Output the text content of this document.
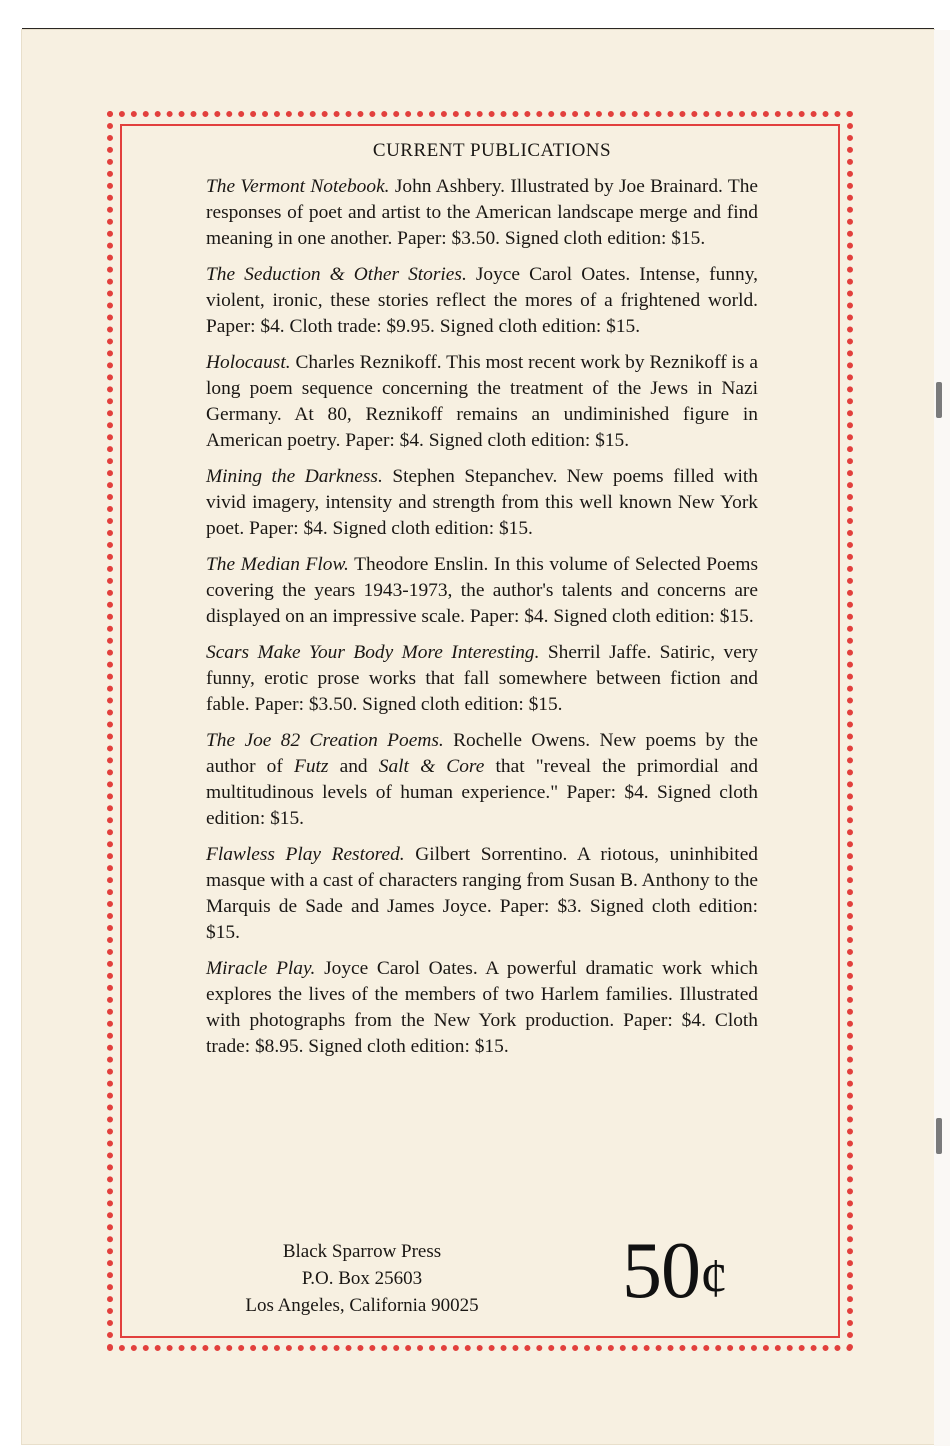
CURRENT PUBLICATIONS

The Vermont Notebook. John Ashbery. Illustrated by Joe Brainard. The responses of poet and artist to the American landscape merge and find meaning in one another. Paper: $3.50. Signed cloth edition: $15.

The Seduction & Other Stories. Joyce Carol Oates. Intense, funny, violent, ironic, these stories reflect the mores of a frightened world. Paper: $4. Cloth trade: $9.95. Signed cloth edition: $15.

Holocaust. Charles Reznikoff. This most recent work by Reznikoff is a long poem sequence concerning the treatment of the Jews in Nazi Germany. At 80, Reznikoff remains an undiminished figure in American poetry. Paper: $4. Signed cloth edition: $15.

Mining the Darkness. Stephen Stepanchev. New poems filled with vivid imagery, intensity and strength from this well known New York poet. Paper: $4. Signed cloth edition: $15.

The Median Flow. Theodore Enslin. In this volume of Selected Poems covering the years 1943-1973, the author's talents and concerns are displayed on an impressive scale. Paper: $4. Signed cloth edition: $15.

Scars Make Your Body More Interesting. Sherril Jaffe. Satiric, very funny, erotic prose works that fall somewhere between fiction and fable. Paper: $3.50. Signed cloth edition: $15.

The Joe 82 Creation Poems. Rochelle Owens. New poems by the author of Futz and Salt & Core that "reveal the primordial and multitudinous levels of human experience." Paper: $4. Signed cloth edition: $15.

Flawless Play Restored. Gilbert Sorrentino. A riotous, uninhibited masque with a cast of characters ranging from Susan B. Anthony to the Marquis de Sade and James Joyce. Paper: $3. Signed cloth edition: $15.

Miracle Play. Joyce Carol Oates. A powerful dramatic work which explores the lives of the members of two Harlem families. Illustrated with photographs from the New York production. Paper: $4. Cloth trade: $8.95. Signed cloth edition: $15.

Black Sparrow Press
P.O. Box 25603
Los Angeles, California 90025	50¢
